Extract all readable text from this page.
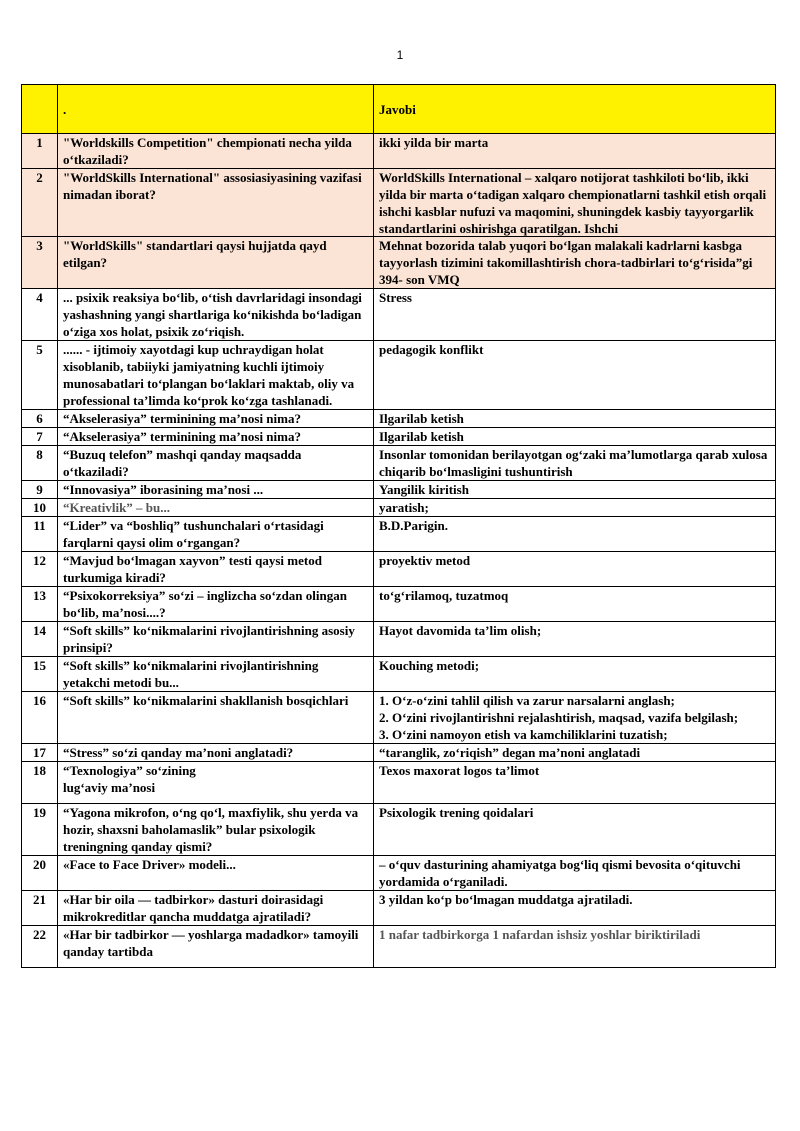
1
	.	Javobi
1	"Worldskills Competition" chempionati necha yilda o‘tkaziladi?	ikki yilda bir marta
2	"WorldSkills International" assosiasiyasining vazifasi nimadan iborat?	WorldSkills International – xalqaro notijorat tashkiloti bo‘lib, ikki yilda bir marta o‘tadigan xalqaro chempionatlarni tashkil etish orqali ishchi kasblar nufuzi va maqomini, shuningdek kasbiy tayyorgarlik standartlarini oshirishga qaratilgan. Ishchi

3	"WorldSkills" standartlari qaysi hujjatda qayd etilgan?	Mehnat bozorida talab yuqori bo‘lgan malakali kadrlarni kasbga tayyorlash tizimini takomillashtirish chora-tadbirlari to‘g‘risida”gi 394- son VMQ
4	... psixik reaksiya bo‘lib, o‘tish davrlaridagi insondagi yashashning yangi shartlariga ko‘nikishda bo‘ladigan o‘ziga xos holat, psixik zo‘riqish.	Stress
5	...... - ijtimoiy xayotdagi kup uchraydigan holat xisoblanib, tabiiyki jamiyatning kuchli ijtimoiy munosabatlari to‘plangan bo‘laklari maktab, oliy va professional ta’limda ko‘prok ko‘zga tashlanadi.	pedagogik konflikt
6	“Akselerasiya” terminining ma’nosi nima?	Ilgarilab ketish
7	“Akselerasiya” terminining ma’nosi nima?	Ilgarilab ketish
8	“Buzuq telefon” mashqi qanday maqsadda o‘tkaziladi?	Insonlar tomonidan berilayotgan og‘zaki ma’lumotlarga qarab xulosa chiqarib bo‘lmasligini tushuntirish
9	“Innovasiya” iborasining ma’nosi ...	Yangilik kiritish
10	“Kreativlik” – bu...	yaratish;
11	“Lider” va “boshliq” tushunchalari o‘rtasidagi farqlarni qaysi olim o‘rgangan?	B.D.Parigin.
12	“Mavjud bo‘lmagan xayvon” testi qaysi metod turkumiga kiradi?	proyektiv metod
13	“Psixokorreksiya” so‘zi – inglizcha so‘zdan olingan bo‘lib, ma’nosi....?	to‘g‘rilamoq, tuzatmoq
14	“Soft skills” ko‘nikmalarini rivojlantirishning asosiy prinsipi?	Hayot davomida ta’lim olish;
15	“Soft skills” ko‘nikmalarini rivojlantirishning yetakchi metodi bu...	Kouching metodi;
16	“Soft skills” ko‘nikmalarini shakllanish bosqichlari	1. O‘z-o‘zini tahlil qilish va zarur narsalarni anglash;
2. O‘zini rivojlantirishni rejalashtirish, maqsad, vazifa belgilash;
3. O‘zini namoyon etish va kamchiliklarini tuzatish;

17	“Stress” so‘zi qanday ma’noni anglatadi?	“taranglik, zo‘riqish” degan ma’noni anglatadi
18	“Texnologiya” so‘zining lug‘aviy ma’nosi	Texos maxorat logos ta’limot
19	“Yagona mikrofon, o‘ng qo‘l, maxfiylik, shu yerda va hozir, shaxsni baholamaslik” bular psixologik treningning qanday qismi?	Psixologik trening qoidalari
20	«Face to Face Driver» modeli...	– o‘quv dasturining ahamiyatga bog‘liq qismi bevosita o‘qituvchi yordamida o‘rganiladi.
21	«Har bir oila — tadbirkor» dasturi doirasidagi mikrokreditlar qancha muddatga ajratiladi?	3 yildan ko‘p bo‘lmagan muddatga ajratiladi.
22	«Har bir tadbirkor — yoshlarga madadkor» tamoyili qanday tartibda	1 nafar tadbirkorga 1 nafardan ishsiz yoshlar biriktiriladi
